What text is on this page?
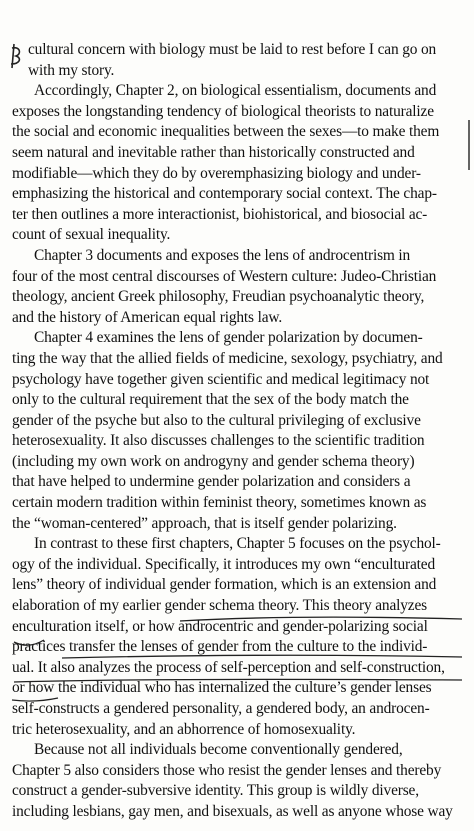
cultural concern with biology must be laid to rest before I can go on
with my story.

Accordingly, Chapter 2, on biological essentialism, documents and
exposes the longstanding tendency of biological theorists to naturalize
the social and economic inequalities between the sexes—to make them
seem natural and inevitable rather than historically constructed and
modifiable—which they do by overemphasizing biology and under-
emphasizing the historical and contemporary social context. The chap-
ter then outlines a more interactionist, biohistorical, and biosocial ac-
count of sexual inequality.

Chapter 3 documents and exposes the lens of androcentrism in
four of the most central discourses of Western culture: Judeo-Christian
theology, ancient Greek philosophy, Freudian psychoanalytic theory,
and the history of American equal rights law.

Chapter 4 examines the lens of gender polarization by documen-
ting the way that the allied fields of medicine, sexology, psychiatry, and
psychology have together given scientific and medical legitimacy not
only to the cultural requirement that the sex of the body match the
gender of the psyche but also to the cultural privileging of exclusive
heterosexuality. It also discusses challenges to the scientific tradition
(including my own work on androgyny and gender schema theory)
that have helped to undermine gender polarization and considers a
certain modern tradition within feminist theory, sometimes known as
the “woman-centered” approach, that is itself gender polarizing.

In contrast to these first chapters, Chapter 5 focuses on the psychol-
ogy of the individual. Specifically, it introduces my own “enculturated
lens” theory of individual gender formation, which is an extension and
elaboration of my earlier gender schema theory. This theory analyzes
enculturation itself, or how androcentric and gender-polarizing social
practices transfer the lenses of gender from the culture to the individ-
ual. It also analyzes the process of self-perception and self-construction,
or how the individual who has internalized the culture’s gender lenses
self-constructs a gendered personality, a gendered body, an androcen-
tric heterosexuality, and an abhorrence of homosexuality.

Because not all individuals become conventionally gendered,
Chapter 5 also considers those who resist the gender lenses and thereby
construct a gender-subversive identity. This group is wildly diverse,
including lesbians, gay men, and bisexuals, as well as anyone whose way
